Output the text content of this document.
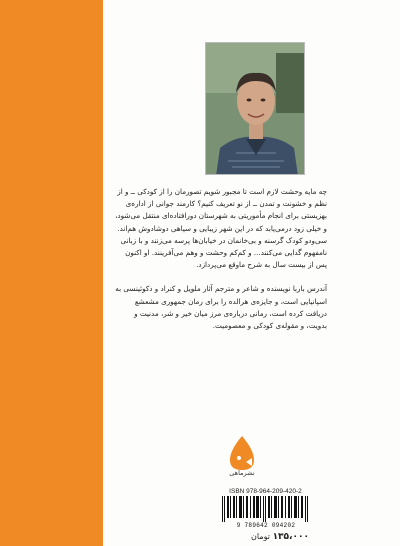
چه مایه وحشت لازم است تا مجبور شویم تصورمان را از کودکی ــ و از نظم و خشونت و تمدن ــ از نو تعریف کنیم؟ کارمند جوانی از اداره‌ی بهزیستی برای انجام مأموریتی به شهرستان دورافتاده‌ای منتقل می‌شود، و خیلی زود درمی‌یابد که در این شهر زیبایی و سیاهی دوشادوش هم‌اند. سی‌ودو کودک گرسنه و بی‌خانمان در خیابان‌ها پرسه می‌زنند و با زبانی نامفهوم گدایی می‌کنند... و کم‌کم وحشت و وهم می‌آفرینند. او اکنون پس از بیست سال به شرح ماوقع می‌پردازد.

آندرس باربا نویسنده و شاعر و مترجم آثار ملویل و کنراد و دکوئینسی به اسپانیایی است، و جایزه‌ی هرالده را برای رمان جمهوری مشعشع دریافت کرده است، رمانی درباره‌ی مرز میان خیر و شر، مدنیت و بدویت، و مقوله‌ی کودکی و معصومیت.

نشرماهی
ISBN 978-964-209-420-2
9 789642 094202
۱۳۵،۰۰۰ تومان
